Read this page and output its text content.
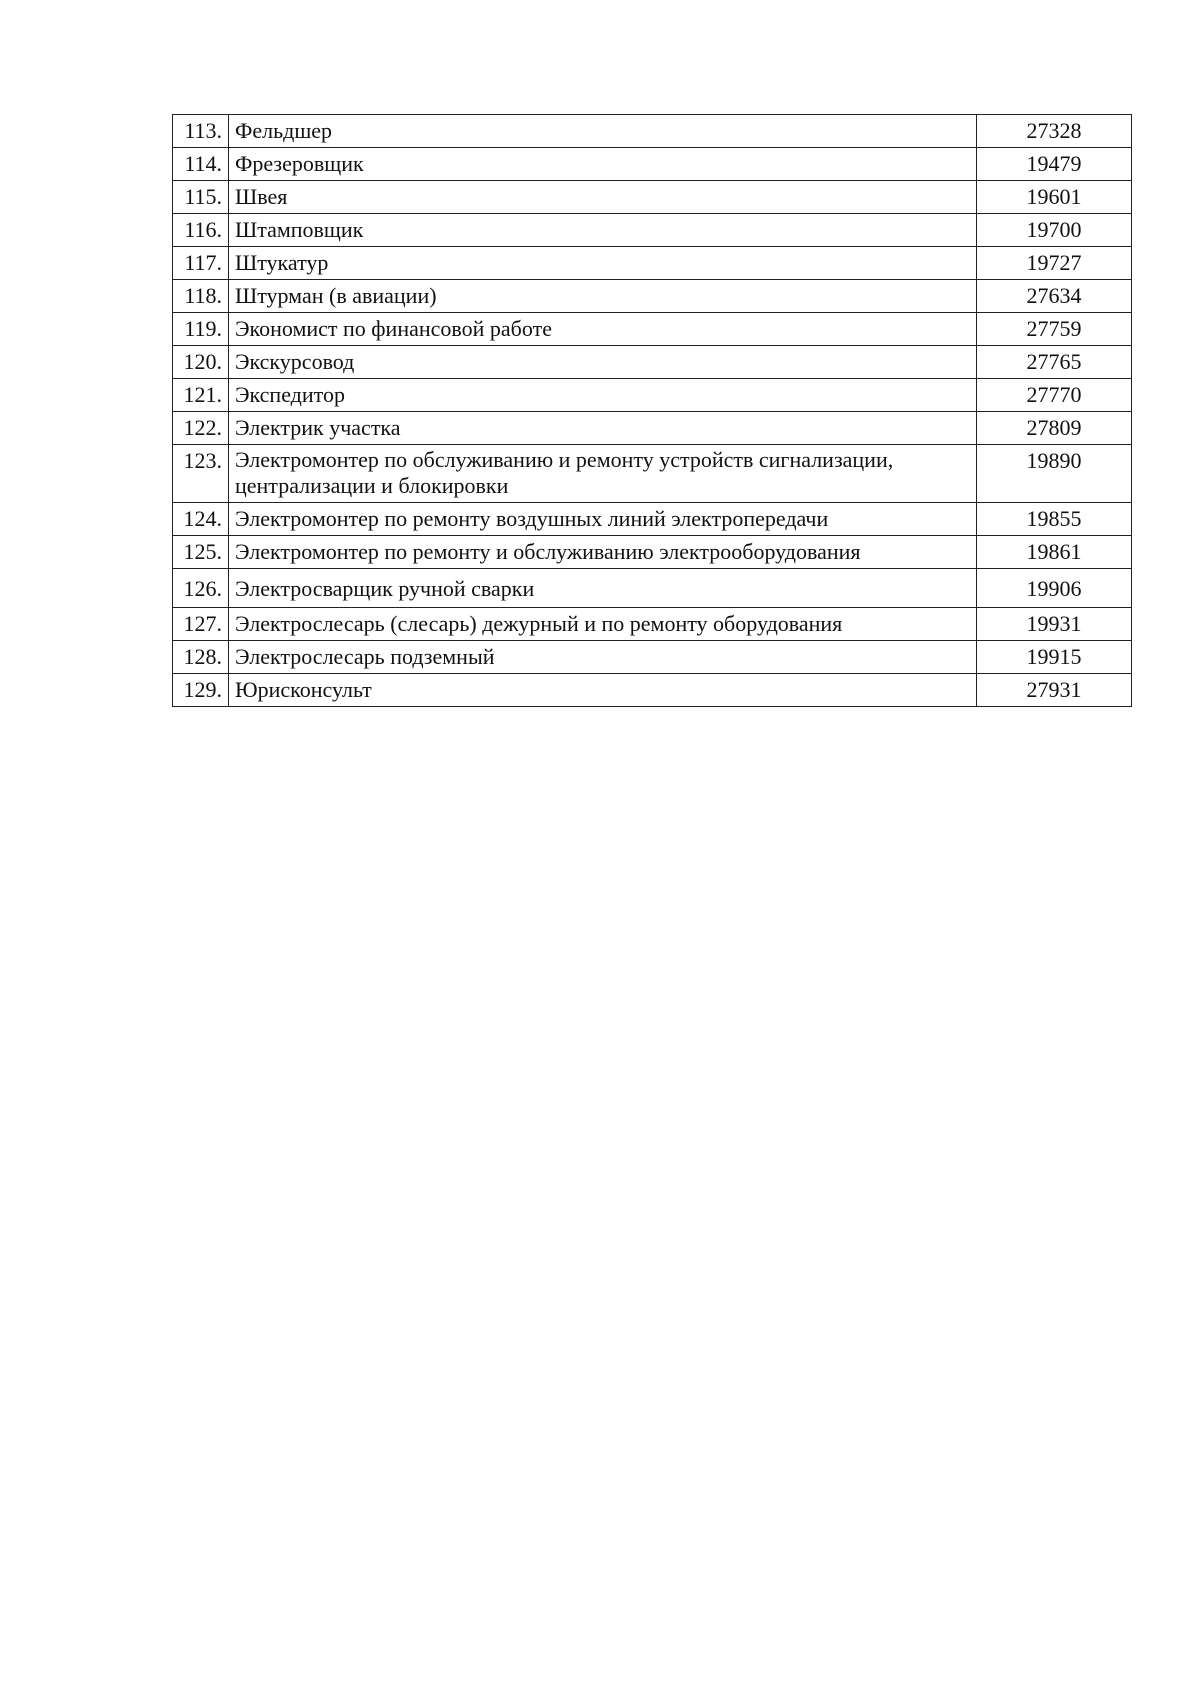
113.	Фельдшер	27328
114.	Фрезеровщик	19479
115.	Швея	19601
116.	Штамповщик	19700
117.	Штукатур	19727
118.	Штурман (в авиации)	27634
119.	Экономист по финансовой работе	27759
120.	Экскурсовод	27765
121.	Экспедитор	27770
122.	Электрик участка	27809
123.	Электромонтер по обслуживанию и ремонту устройств сигнализации, централизации и блокировки	19890
124.	Электромонтер по ремонту воздушных линий электропередачи	19855
125.	Электромонтер по ремонту и обслуживанию электрооборудования	19861
126.	Электросварщик ручной сварки	19906
127.	Электрослесарь (слесарь) дежурный и по ремонту оборудования	19931
128.	Электрослесарь подземный	19915
129.	Юрисконсульт	27931
